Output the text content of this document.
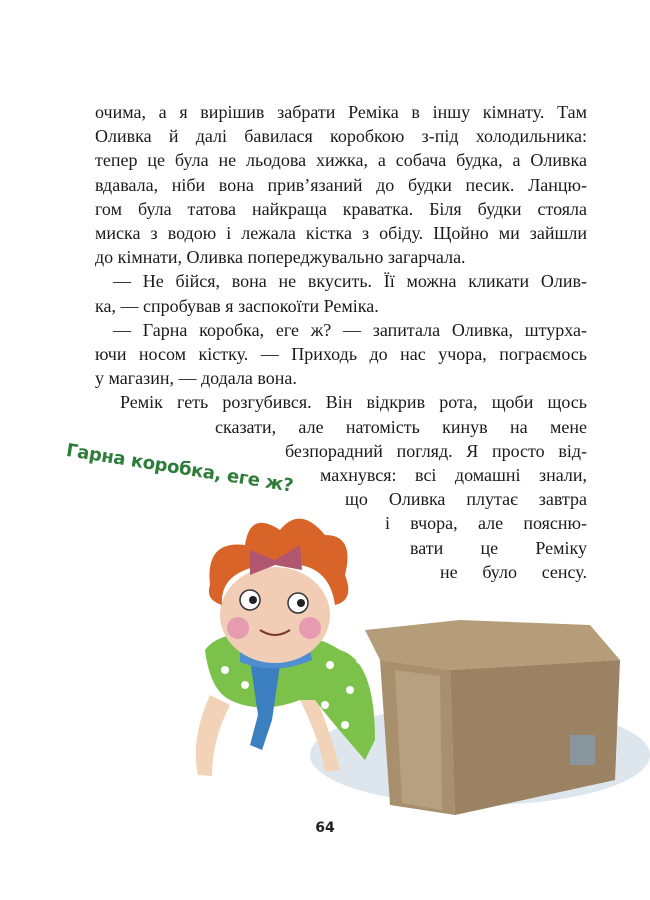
очима, а я вирішив забрати Реміка в іншу кімнату. Там
Оливка й далі бавилася коробкою з-під холодильника:
тепер це була не льодова хижка, а собача будка, а Оливка
вдавала, ніби вона прив’язаний до будки песик. Ланцю-
гом була татова найкраща краватка. Біля будки стояла
миска з водою і лежала кістка з обіду. Щойно ми зайшли
до кімнати, Оливка попереджувально загарчала.
— Не бійся, вона не вкусить. Її можна кликати Олив-
ка, — спробував я заспокоїти Реміка.
— Гарна коробка, еге ж? — запитала Оливка, штурха-
ючи носом кістку. — Приходь до нас учора, пограємось
у магазин, — додала вона.
Ремік геть розгубився. Він відкрив рота, щоби щось
сказати, але натомість кинув на мене
безпорадний погляд. Я просто від-
махнувся: всі домашні знали,
що Оливка плутає завтра
і вчора, але поясню-
вати це Реміку
не було сенсу.
Гарна коробка, еге ж?
64
